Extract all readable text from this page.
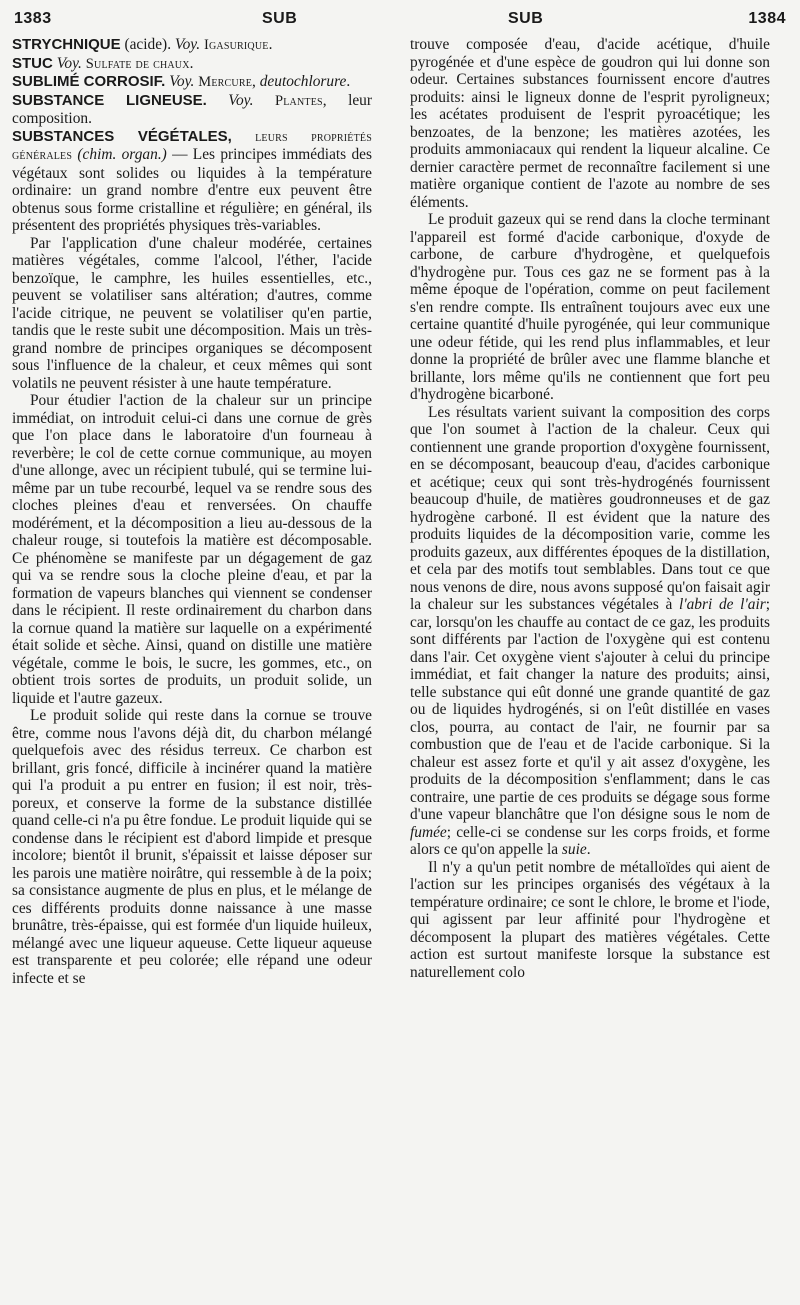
1383	SUB	SUB	1384

STRYCHNIQUE (acide). Voy. Igasurique.

STUC Voy. Sulfate de chaux.

SUBLIMÉ CORROSIF. Voy. Mercure, deutochlorure.

SUBSTANCE LIGNEUSE. Voy. Plantes, leur composition.

SUBSTANCES VÉGÉTALES, leurs propriétés générales (chim. organ.) — Les principes immédiats des végétaux sont solides ou liquides à la température ordinaire: un grand nombre d'entre eux peuvent être obtenus sous forme cristalline et régulière; en général, ils présentent des propriétés physiques très-variables.

Par l'application d'une chaleur modérée, certaines matières végétales, comme l'alcool, l'éther, l'acide benzoïque, le camphre, les huiles essentielles, etc., peuvent se volatiliser sans altération; d'autres, comme l'acide citrique, ne peuvent se volatiliser qu'en partie, tandis que le reste subit une décomposition. Mais un très-grand nombre de principes organiques se décomposent sous l'influence de la chaleur, et ceux mêmes qui sont volatils ne peuvent résister à une haute température.

Pour étudier l'action de la chaleur sur un principe immédiat, on introduit celui-ci dans une cornue de grès que l'on place dans le laboratoire d'un fourneau à reverbère; le col de cette cornue communique, au moyen d'une allonge, avec un récipient tubulé, qui se termine lui-même par un tube recourbé, lequel va se rendre sous des cloches pleines d'eau et renversées. On chauffe modérément, et la décomposition a lieu au-dessous de la chaleur rouge, si toutefois la matière est décomposable. Ce phénomène se manifeste par un dégagement de gaz qui va se rendre sous la cloche pleine d'eau, et par la formation de vapeurs blanches qui viennent se condenser dans le récipient. Il reste ordinairement du charbon dans la cornue quand la matière sur laquelle on a expérimenté était solide et sèche. Ainsi, quand on distille une matière végétale, comme le bois, le sucre, les gommes, etc., on obtient trois sortes de produits, un produit solide, un liquide et l'autre gazeux.

Le produit solide qui reste dans la cornue se trouve être, comme nous l'avons déjà dit, du charbon mélangé quelquefois avec des résidus terreux. Ce charbon est brillant, gris foncé, difficile à incinérer quand la matière qui l'a produit a pu entrer en fusion; il est noir, très-poreux, et conserve la forme de la substance distillée quand celle-ci n'a pu être fondue. Le produit liquide qui se condense dans le récipient est d'abord limpide et presque incolore; bientôt il brunit, s'épaissit et laisse déposer sur les parois une matière noirâtre, qui ressemble à de la poix; sa consistance augmente de plus en plus, et le mélange de ces différents produits donne naissance à une masse brunâtre, très-épaisse, qui est formée d'un liquide huileux, mélangé avec une liqueur aqueuse. Cette liqueur aqueuse est transparente et peu colorée; elle répand une odeur infecte et se

trouve composée d'eau, d'acide acétique, d'huile pyrogénée et d'une espèce de goudron qui lui donne son odeur. Certaines substances fournissent encore d'autres produits: ainsi le ligneux donne de l'esprit pyroligneux; les acétates produisent de l'esprit pyroacétique; les benzoates, de la benzone; les matières azotées, les produits ammoniacaux qui rendent la liqueur alcaline. Ce dernier caractère permet de reconnaître facilement si une matière organique contient de l'azote au nombre de ses éléments.

Le produit gazeux qui se rend dans la cloche terminant l'appareil est formé d'acide carbonique, d'oxyde de carbone, de carbure d'hydrogène, et quelquefois d'hydrogène pur. Tous ces gaz ne se forment pas à la même époque de l'opération, comme on peut facilement s'en rendre compte. Ils entraînent toujours avec eux une certaine quantité d'huile pyrogénée, qui leur communique une odeur fétide, qui les rend plus inflammables, et leur donne la propriété de brûler avec une flamme blanche et brillante, lors même qu'ils ne contiennent que fort peu d'hydrogène bicarboné.

Les résultats varient suivant la composition des corps que l'on soumet à l'action de la chaleur. Ceux qui contiennent une grande proportion d'oxygène fournissent, en se décomposant, beaucoup d'eau, d'acides carbonique et acétique; ceux qui sont très-hydrogénés fournissent beaucoup d'huile, de matières goudronneuses et de gaz hydrogène carboné. Il est évident que la nature des produits liquides de la décomposition varie, comme les produits gazeux, aux différentes époques de la distillation, et cela par des motifs tout semblables. Dans tout ce que nous venons de dire, nous avons supposé qu'on faisait agir la chaleur sur les substances végétales à l'abri de l'air; car, lorsqu'on les chauffe au contact de ce gaz, les produits sont différents par l'action de l'oxygène qui est contenu dans l'air. Cet oxygène vient s'ajouter à celui du principe immédiat, et fait changer la nature des produits; ainsi, telle substance qui eût donné une grande quantité de gaz ou de liquides hydrogénés, si on l'eût distillée en vases clos, pourra, au contact de l'air, ne fournir par sa combustion que de l'eau et de l'acide carbonique. Si la chaleur est assez forte et qu'il y ait assez d'oxygène, les produits de la décomposition s'enflamment; dans le cas contraire, une partie de ces produits se dégage sous forme d'une vapeur blanchâtre que l'on désigne sous le nom de fumée; celle-ci se condense sur les corps froids, et forme alors ce qu'on appelle la suie.

Il n'y a qu'un petit nombre de métalloïdes qui aient de l'action sur les principes organisés des végétaux à la température ordinaire; ce sont le chlore, le brome et l'iode, qui agissent par leur affinité pour l'hydrogène et décomposent la plupart des matières végétales. Cette action est surtout manifeste lorsque la substance est naturellement colo
